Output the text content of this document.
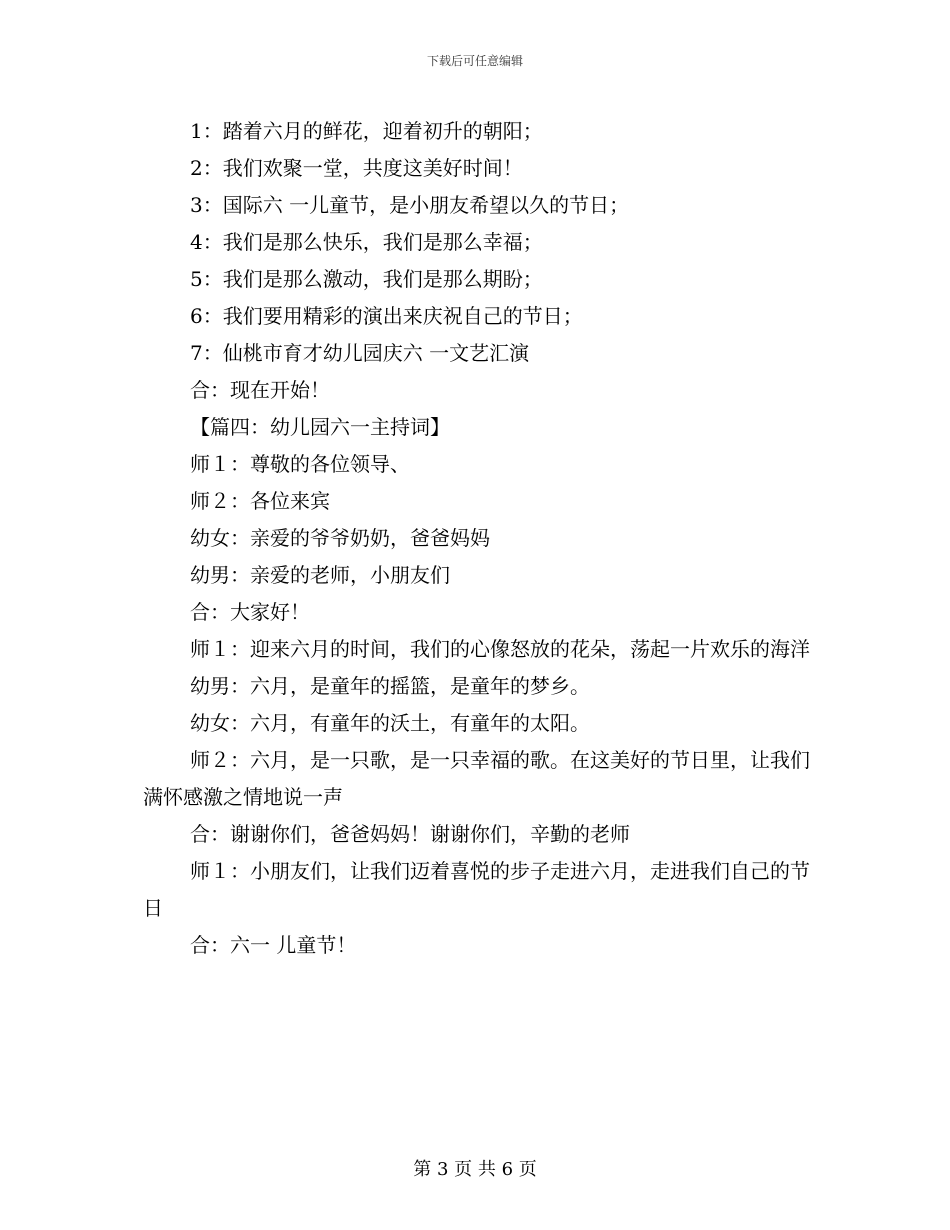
下载后可任意编辑

1：踏着六月的鲜花，迎着初升的朝阳；

2：我们欢聚一堂，共度这美好时间！

3：国际六 一儿童节，是小朋友希望以久的节日；

4：我们是那么快乐，我们是那么幸福；

5：我们是那么激动，我们是那么期盼；

6：我们要用精彩的演出来庆祝自己的节日；

7：仙桃市育才幼儿园庆六 一文艺汇演

合：现在开始！

【篇四：幼儿园六一主持词】

师１：尊敬的各位领导、

师２：各位来宾

幼女：亲爱的爷爷奶奶，爸爸妈妈

幼男：亲爱的老师，小朋友们

合：大家好！

师１：迎来六月的时间，我们的心像怒放的花朵，荡起一片欢乐的海洋

幼男：六月，是童年的摇篮，是童年的梦乡。

幼女：六月，有童年的沃土，有童年的太阳。

师２：六月，是一只歌，是一只幸福的歌。在这美好的节日里，让我们满怀感激之情地说一声

合：谢谢你们，爸爸妈妈！谢谢你们，辛勤的老师

师１：小朋友们，让我们迈着喜悦的步子走进六月，走进我们自己的节日

合：六一 儿童节！

第 3 页 共 6 页
